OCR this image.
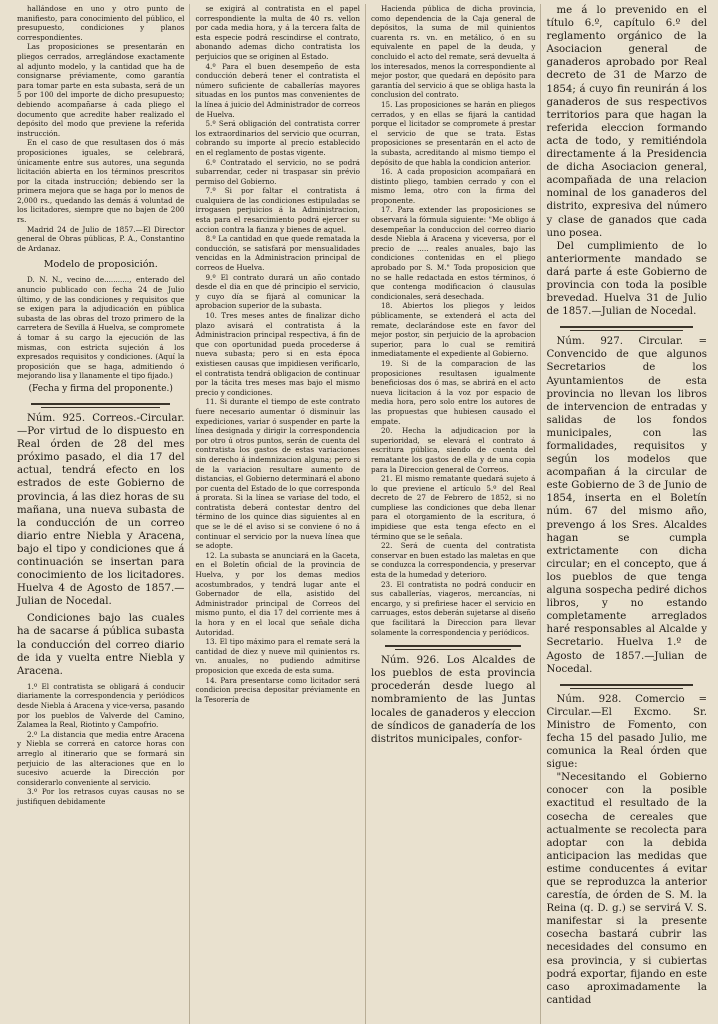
hallándose en uno y otro punto de manifiesto, para conocimiento del público, el presupuesto, condiciones y planos correspondientes.

Las proposiciones se presentarán en pliegos cerrados, arreglándose exactamente al adjunto modelo, y la cantidad que ha de consignarse préviamente, como garantía para tomar parte en esta subasta, será de un 5 por 100 del importe de dicho presupuesto; debiendo acompañarse á cada pliego el documento que acredite haber realizado el depósito del modo que previene la referida instrucción.

En el caso de que resultasen dos ó más proposiciones iguales, se celebrará, únicamente entre sus autores, una segunda licitación abierta en los términos prescritos por la citada instrucción; debiendo ser la primera mejora que se haga por lo menos de 2,000 rs., quedando las demás á voluntad de los licitadores, siempre que no bajen de 200 rs.

Madrid 24 de Julio de 1857.—El Director general de Obras públicas, P. A., Constantino de Ardanaz.

Modelo de proposición.

D. N. N., vecino de..........., enterado del anuncio publicado con fecha 24 de Julio último, y de las condiciones y requisitos que se exigen para la adjudicación en pública subasta de las obras del trozo primero de la carretera de Sevilla á Huelva, se compromete á tomar á su cargo la ejecución de las mismas, con estricta sujeción á los expresados requisitos y condiciones. (Aquí la proposición que se haga, admitiendo ó mejorando lisa y llanamente el tipo fijado.)

(Fecha y firma del proponente.)

Núm. 925. Correos.-Circular.—Por virtud de lo dispuesto en Real órden de 28 del mes próximo pasado, el dia 17 del actual, tendrá efecto en los estrados de este Gobierno de provincia, á las diez horas de su mañana, una nueva subasta de la conducción de un correo diario entre Niebla y Aracena, bajo el tipo y condiciones que á continuación se insertan para conocimiento de los licitadores. Huelva 4 de Agosto de 1857.—Julian de Nocedal.

Condiciones bajo las cuales ha de sacarse á pública subasta la conducción del correo diario de ida y vuelta entre Niebla y Aracena.

1.º El contratista se obligará á conducir diariamente la correspondencia y periódicos desde Niebla á Aracena y vice-versa, pasando por los pueblos de Valverde del Camino, Zalamea la Real, Riotinto y Campofrio.

2.º La distancia que media entre Aracena y Niebla se correrá en catorce horas con arreglo al itinerario que se formará sin perjuicio de las alteraciones que en lo sucesivo acuerde la Dirección por considerarlo conveniente al servicio.

3.º Por los retrasos cuyas causas no se justifiquen debidamente

se exigirá al contratista en el papel correspondiente la multa de 40 rs. vellon por cada media hora, y á la tercera falta de esta especie podrá rescindirse el contrato, abonando ademas dicho contratista los perjuicios que se originen al Estado.

4.º Para el buen desempeño de esta conducción deberá tener el contratista el número suficiente de caballerías mayores situadas en los puntos mas convenientes de la línea á juicio del Administrador de correos de Huelva.

5.º Será obligación del contratista correr los extraordinarios del servicio que ocurran, cobrando su importe al precio establecido en el reglamento de postas vigente.

6.º Contratado el servicio, no se podrá subarrendar, ceder ni traspasar sin prévio permiso del Gobierno.

7.º Si por faltar el contratista á cualquiera de las condiciones estipuladas se irrogasen perjuicios á la Administracion, esta para el resarcimiento podrá ejercer su accion contra la fianza y bienes de aquel.

8.º La cantidad en que quede rematada la conducción, se satisfará por mensualidades vencidas en la Administracion principal de correos de Huelva.

9.º El contrato durará un año contado desde el dia en que dé principio el servicio, y cuyo día se fijará al comunicar la aprobacion superior de la subasta.

10. Tres meses antes de finalizar dicho plazo avisará el contratista á la Administracion principal respectiva, á fin de que con oportunidad pueda procederse á nueva subasta; pero si en esta época existiesen causas que impidiesen verificarlo, el contratista tendrá obligacion de continuar por la tácita tres meses mas bajo el mismo precio y condiciones.

11. Si durante el tiempo de este contrato fuere necesario aumentar ó disminuir las expediciones, variar ó suspender en parte la línea designada y dirigir la correspondencia por otro ú otros puntos, serán de cuenta del contratista los gastos de estas variaciones sin derecho á indemnizacion alguna; pero si de la variacion resultare aumento de distancias, el Gobierno determinará el abono por cuenta del Estado de lo que corresponda á prorata. Si la línea se variase del todo, el contratista deberá contestar dentro del término de los quince dias siguientes al en que se le dé el aviso si se conviene ó no á continuar el servicio por la nueva línea que se adopte.

12. La subasta se anunciará en la Gaceta, en el Boletín oficial de la provincia de Huelva, y por los demas medios acostumbrados, y tendrá lugar ante el Gobernador de ella, asistido del Administrador principal de Correos del mismo punto, el dia 17 del corriente mes á la hora y en el local que señale dicha Autoridad.

13. El tipo máximo para el remate será la cantidad de diez y nueve mil quinientos rs. vn. anuales, no pudiendo admitirse proposicion que exceda de esta suma.

14. Para presentarse como licitador será condicion precisa depositar préviamente en la Tesorería de

Hacienda pública de dicha provincia, como dependencia de la Caja general de depósitos, la suma de mil quinientos cuarenta rs. vn. en metálico, ó en su equivalente en papel de la deuda, y concluido el acto del remate, será devuelta á los interesados, menos la correspondiente al mejor postor, que quedará en depósito para garantía del servicio á que se obliga hasta la conclusion del contrato.

15. Las proposiciones se harán en pliegos cerrados, y en ellas se fijará la cantidad porque el licitador se compromete á prestar el servicio de que se trata. Estas proposiciones se presentarán en el acto de la subasta, acreditando al mismo tiempo el depósito de que habla la condicion anterior.

16. A cada proposicion acompañará en distinto pliego, tambien cerrado y con el mismo lema, otro con la firma del proponente.

17. Para extender las proposiciones se observará la fórmula siguiente: "Me obligo á desempeñar la conduccion del correo diario desde Niebla á Aracena y viceversa, por el precio de ..... reales anuales, bajo las condiciones contenidas en el pliego aprobado por S. M." Toda proposicion que no se halle redactada en estos términos, ó que contenga modificacion ó clausulas condicionales, será desechada.

18. Abiertos los pliegos y leidos públicamente, se extenderá el acta del remate, declarándose este en favor del mejor postor, sin perjuicio de la aprobacion superior, para lo cual se remitirá inmediatamente el expediente al Gobierno.

19. Si de la comparacion de las proposiciones resultasen igualmente beneficiosas dos ó mas, se abrirá en el acto nueva licitacion á la voz por espacio de media hora, pero solo entre los autores de las propuestas que hubiesen causado el empate.

20. Hecha la adjudicacion por la superioridad, se elevará el contrato á escritura pública, siendo de cuenta del rematante los gastos de ella y de una copia para la Direccion general de Correos.

21. El mismo rematante quedará sujeto á lo que previene el artículo 5.º del Real decreto de 27 de Febrero de 1852, si no cumpliese las condiciones que deba llenar para el otorgamiento de la escritura, ó impidiese que esta tenga efecto en el término que se le señala.

22. Será de cuenta del contratista conservar en buen estado las maletas en que se conduzca la correspondencia, y preservar esta de la humedad y deterioro.

23. El contratista no podrá conducir en sus caballerías, viageros, mercancías, ni encargo, y si prefiriese hacer el servicio en carruages, estos deberán sujetarse al diseño que facilitará la Direccion para llevar solamente la correspondencia y periódicos.

Núm. 926. Los Alcaldes de los pueblos de esta provincia procederán desde luego al nombramiento de las Juntas locales de ganaderos y eleccion de síndicos de ganadería de los distritos municipales, confor-

me á lo prevenido en el título 6.º, capítulo 6.º del reglamento orgánico de la Asociacion general de ganaderos aprobado por Real decreto de 31 de Marzo de 1854; á cuyo fin reunirán á los ganaderos de sus respectivos territorios para que hagan la referida eleccion formando acta de todo, y remitiéndola directamente á la Presidencia de dicha Asociacion general, acompañada de una relacion nominal de los ganaderos del distrito, expresiva del número y clase de ganados que cada uno posea.

Del cumplimiento de lo anteriormente mandado se dará parte á este Gobierno de provincia con toda la posible brevedad. Huelva 31 de Julio de 1857.—Julian de Nocedal.

Núm. 927. Circular. = Convencido de que algunos Secretarios de los Ayuntamientos de esta provincia no llevan los libros de intervencion de entradas y salidas de los fondos municipales, con las formalidades, requisitos y según los modelos que acompañan á la circular de este Gobierno de 3 de Junio de 1854, inserta en el Boletín núm. 67 del mismo año, prevengo á los Sres. Alcaldes hagan se cumpla extrictamente con dicha circular; en el concepto, que á los pueblos de que tenga alguna sospecha pediré dichos libros, y no estando completamente arreglados haré responsables al Alcalde y Secretario. Huelva 1.º de Agosto de 1857.—Julian de Nocedal.

Núm. 928. Comercio = Circular.—El Excmo. Sr. Ministro de Fomento, con fecha 15 del pasado Julio, me comunica la Real órden que sigue:

"Necesitando el Gobierno conocer con la posible exactitud el resultado de la cosecha de cereales que actualmente se recolecta para adoptar con la debida anticipacion las medidas que estime conducentes á evitar que se reproduzca la anterior carestía, de órden de S. M. la Reina (q. D. g.) se servirá V. S. manifestar si la presente cosecha bastará cubrir las necesidades del consumo en esa provincia, y si cubiertas podrá exportar, fijando en este caso aproximadamente la cantidad
